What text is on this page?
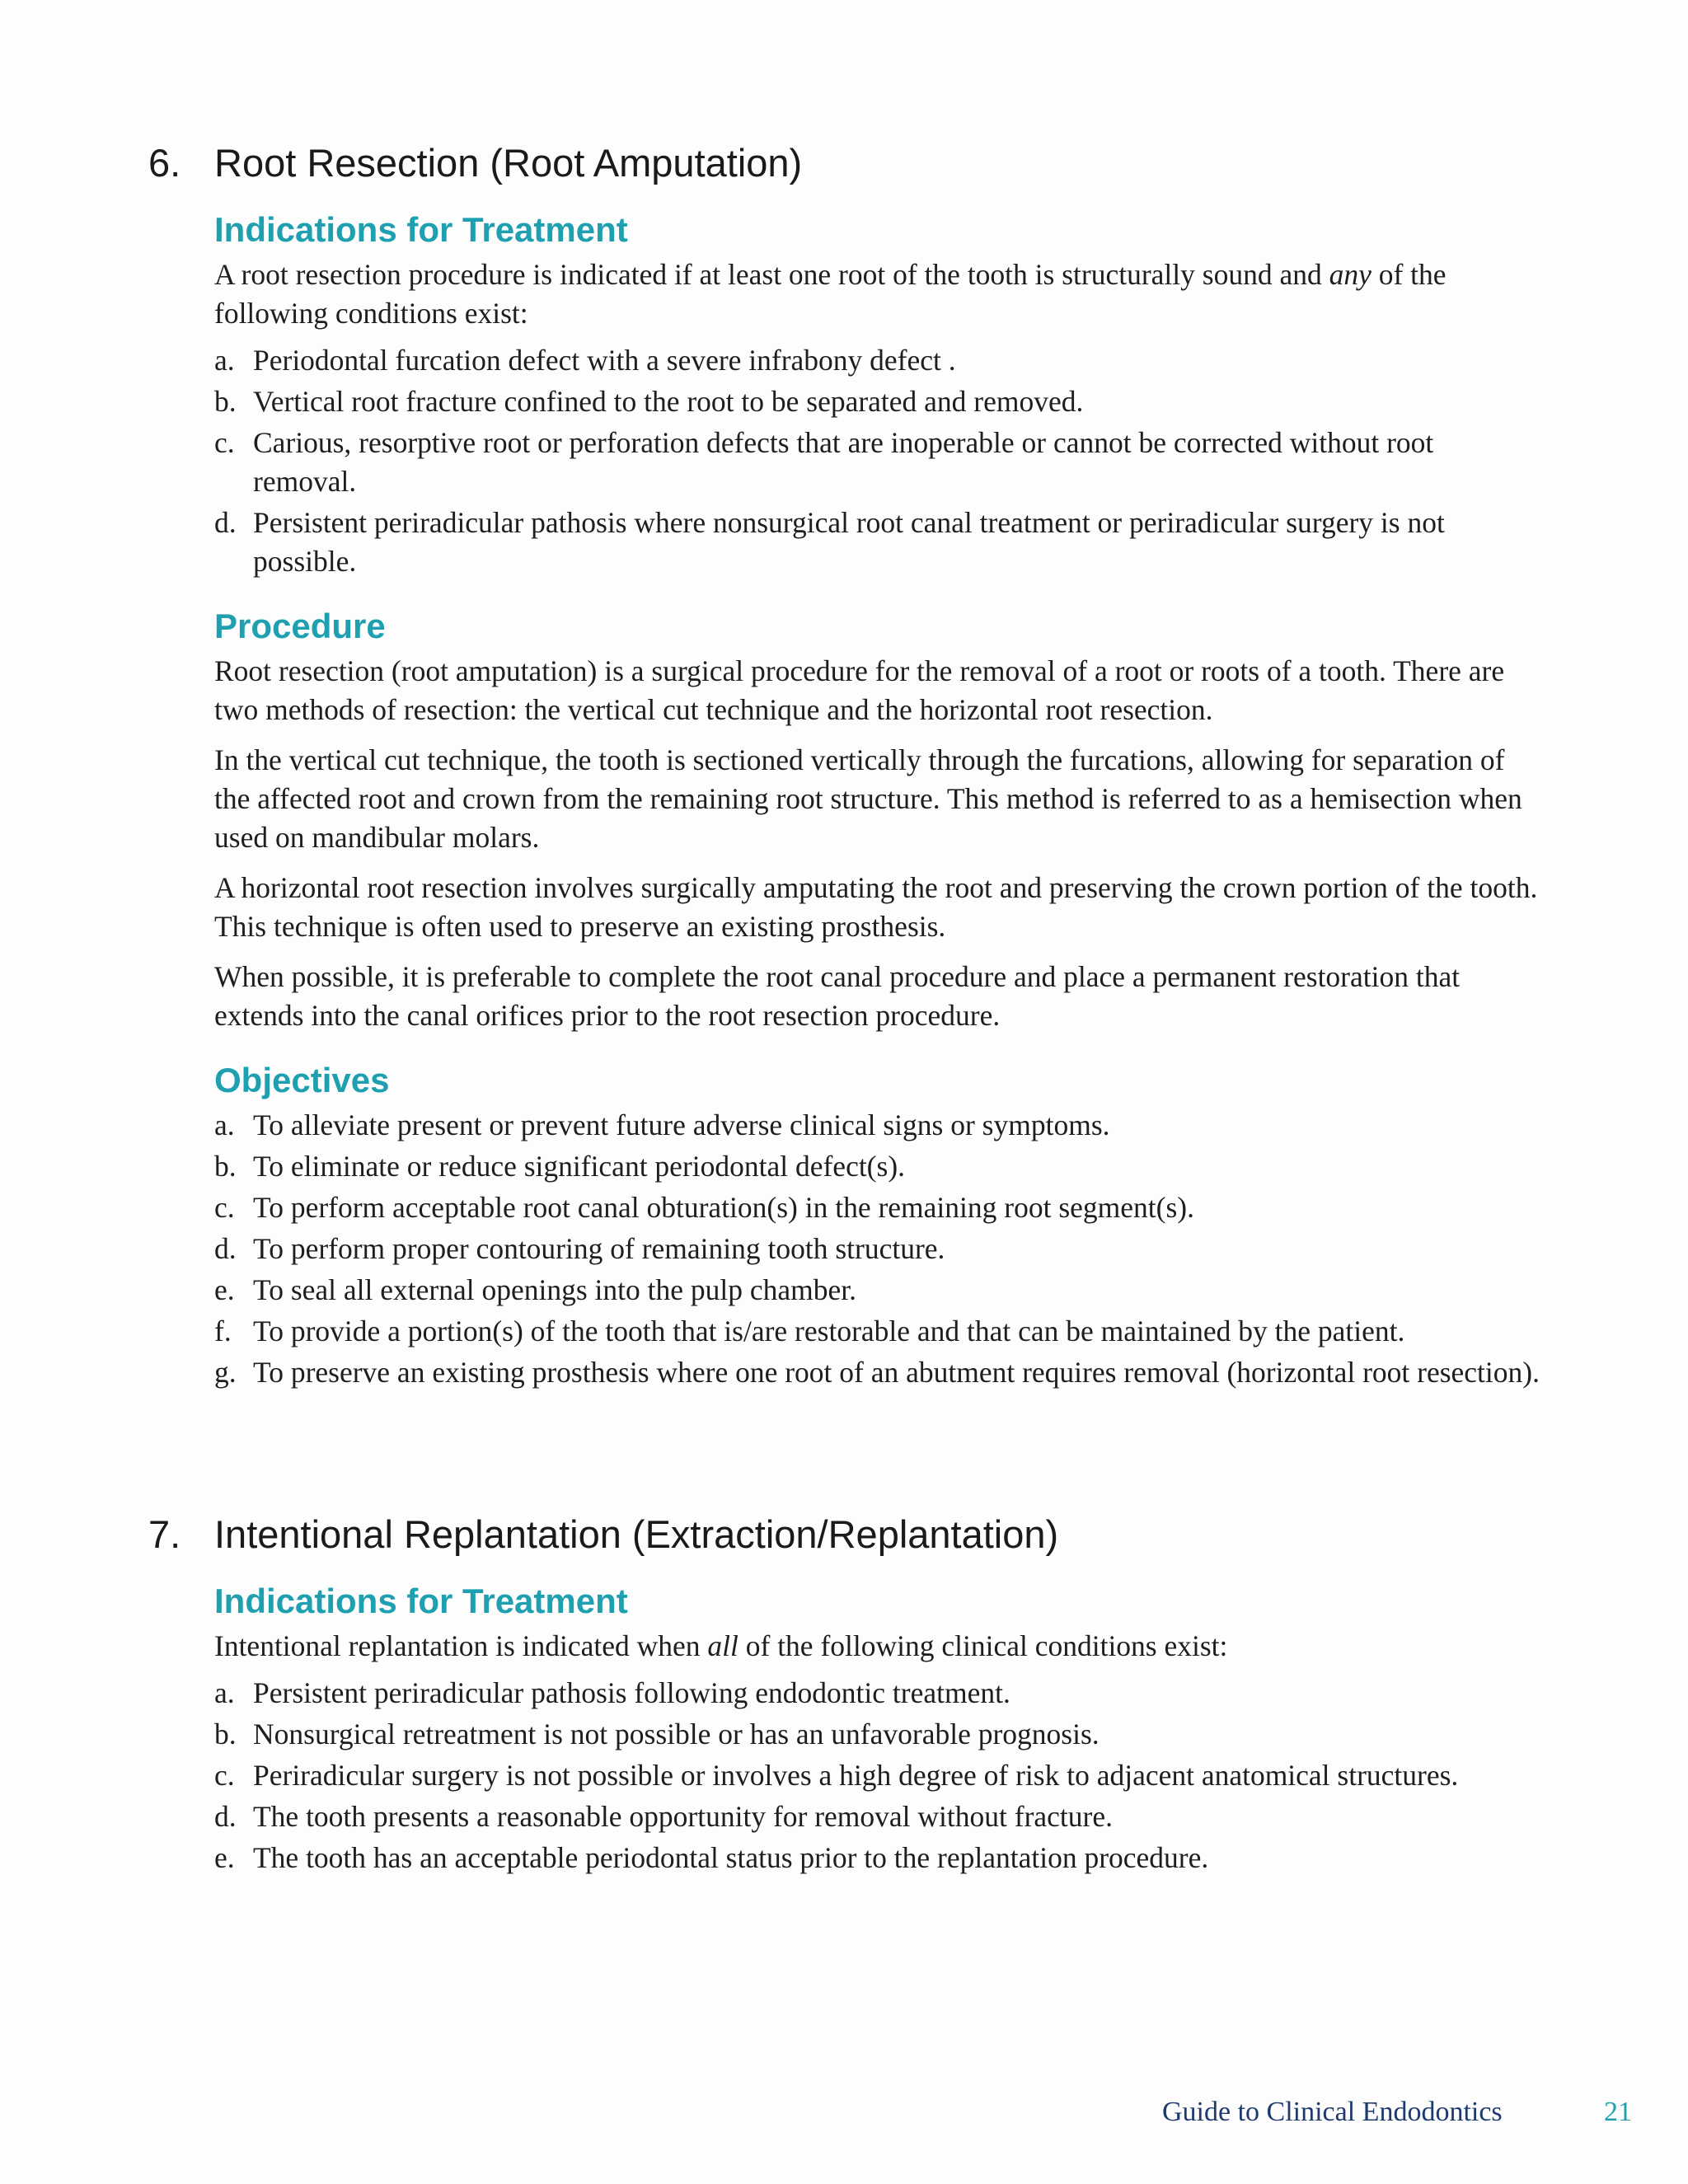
6. Root Resection (Root Amputation)
Indications for Treatment

A root resection procedure is indicated if at least one root of the tooth is structurally sound and any of the following conditions exist:

a. Periodontal furcation defect with a severe infrabony defect .
b. Vertical root fracture confined to the root to be separated and removed.
c. Carious, resorptive root or perforation defects that are inoperable or cannot be corrected without root removal.
d. Persistent periradicular pathosis where nonsurgical root canal treatment or periradicular surgery is not possible.
Procedure

Root resection (root amputation) is a surgical procedure for the removal of a root or roots of a tooth. There are two methods of resection: the vertical cut technique and the horizontal root resection.

In the vertical cut technique, the tooth is sectioned vertically through the furcations, allowing for separation of the affected root and crown from the remaining root structure. This method is referred to as a hemisection when used on mandibular molars.

A horizontal root resection involves surgically amputating the root and preserving the crown portion of the tooth. This technique is often used to preserve an existing prosthesis.

When possible, it is preferable to complete the root canal procedure and place a permanent restoration that extends into the canal orifices prior to the root resection procedure.

Objectives
a. To alleviate present or prevent future adverse clinical signs or symptoms.
b. To eliminate or reduce significant periodontal defect(s).
c. To perform acceptable root canal obturation(s) in the remaining root segment(s).
d. To perform proper contouring of remaining tooth structure.
e. To seal all external openings into the pulp chamber.
f. To provide a portion(s) of the tooth that is/are restorable and that can be maintained by the patient.
g. To preserve an existing prosthesis where one root of an abutment requires removal (horizontal root resection).
7. Intentional Replantation (Extraction/Replantation)
Indications for Treatment

Intentional replantation is indicated when all of the following clinical conditions exist:

a. Persistent periradicular pathosis following endodontic treatment.
b. Nonsurgical retreatment is not possible or has an unfavorable prognosis.
c. Periradicular surgery is not possible or involves a high degree of risk to adjacent anatomical structures.
d. The tooth presents a reasonable opportunity for removal without fracture.
e. The tooth has an acceptable periodontal status prior to the replantation procedure.
Guide to Clinical Endodontics	21
